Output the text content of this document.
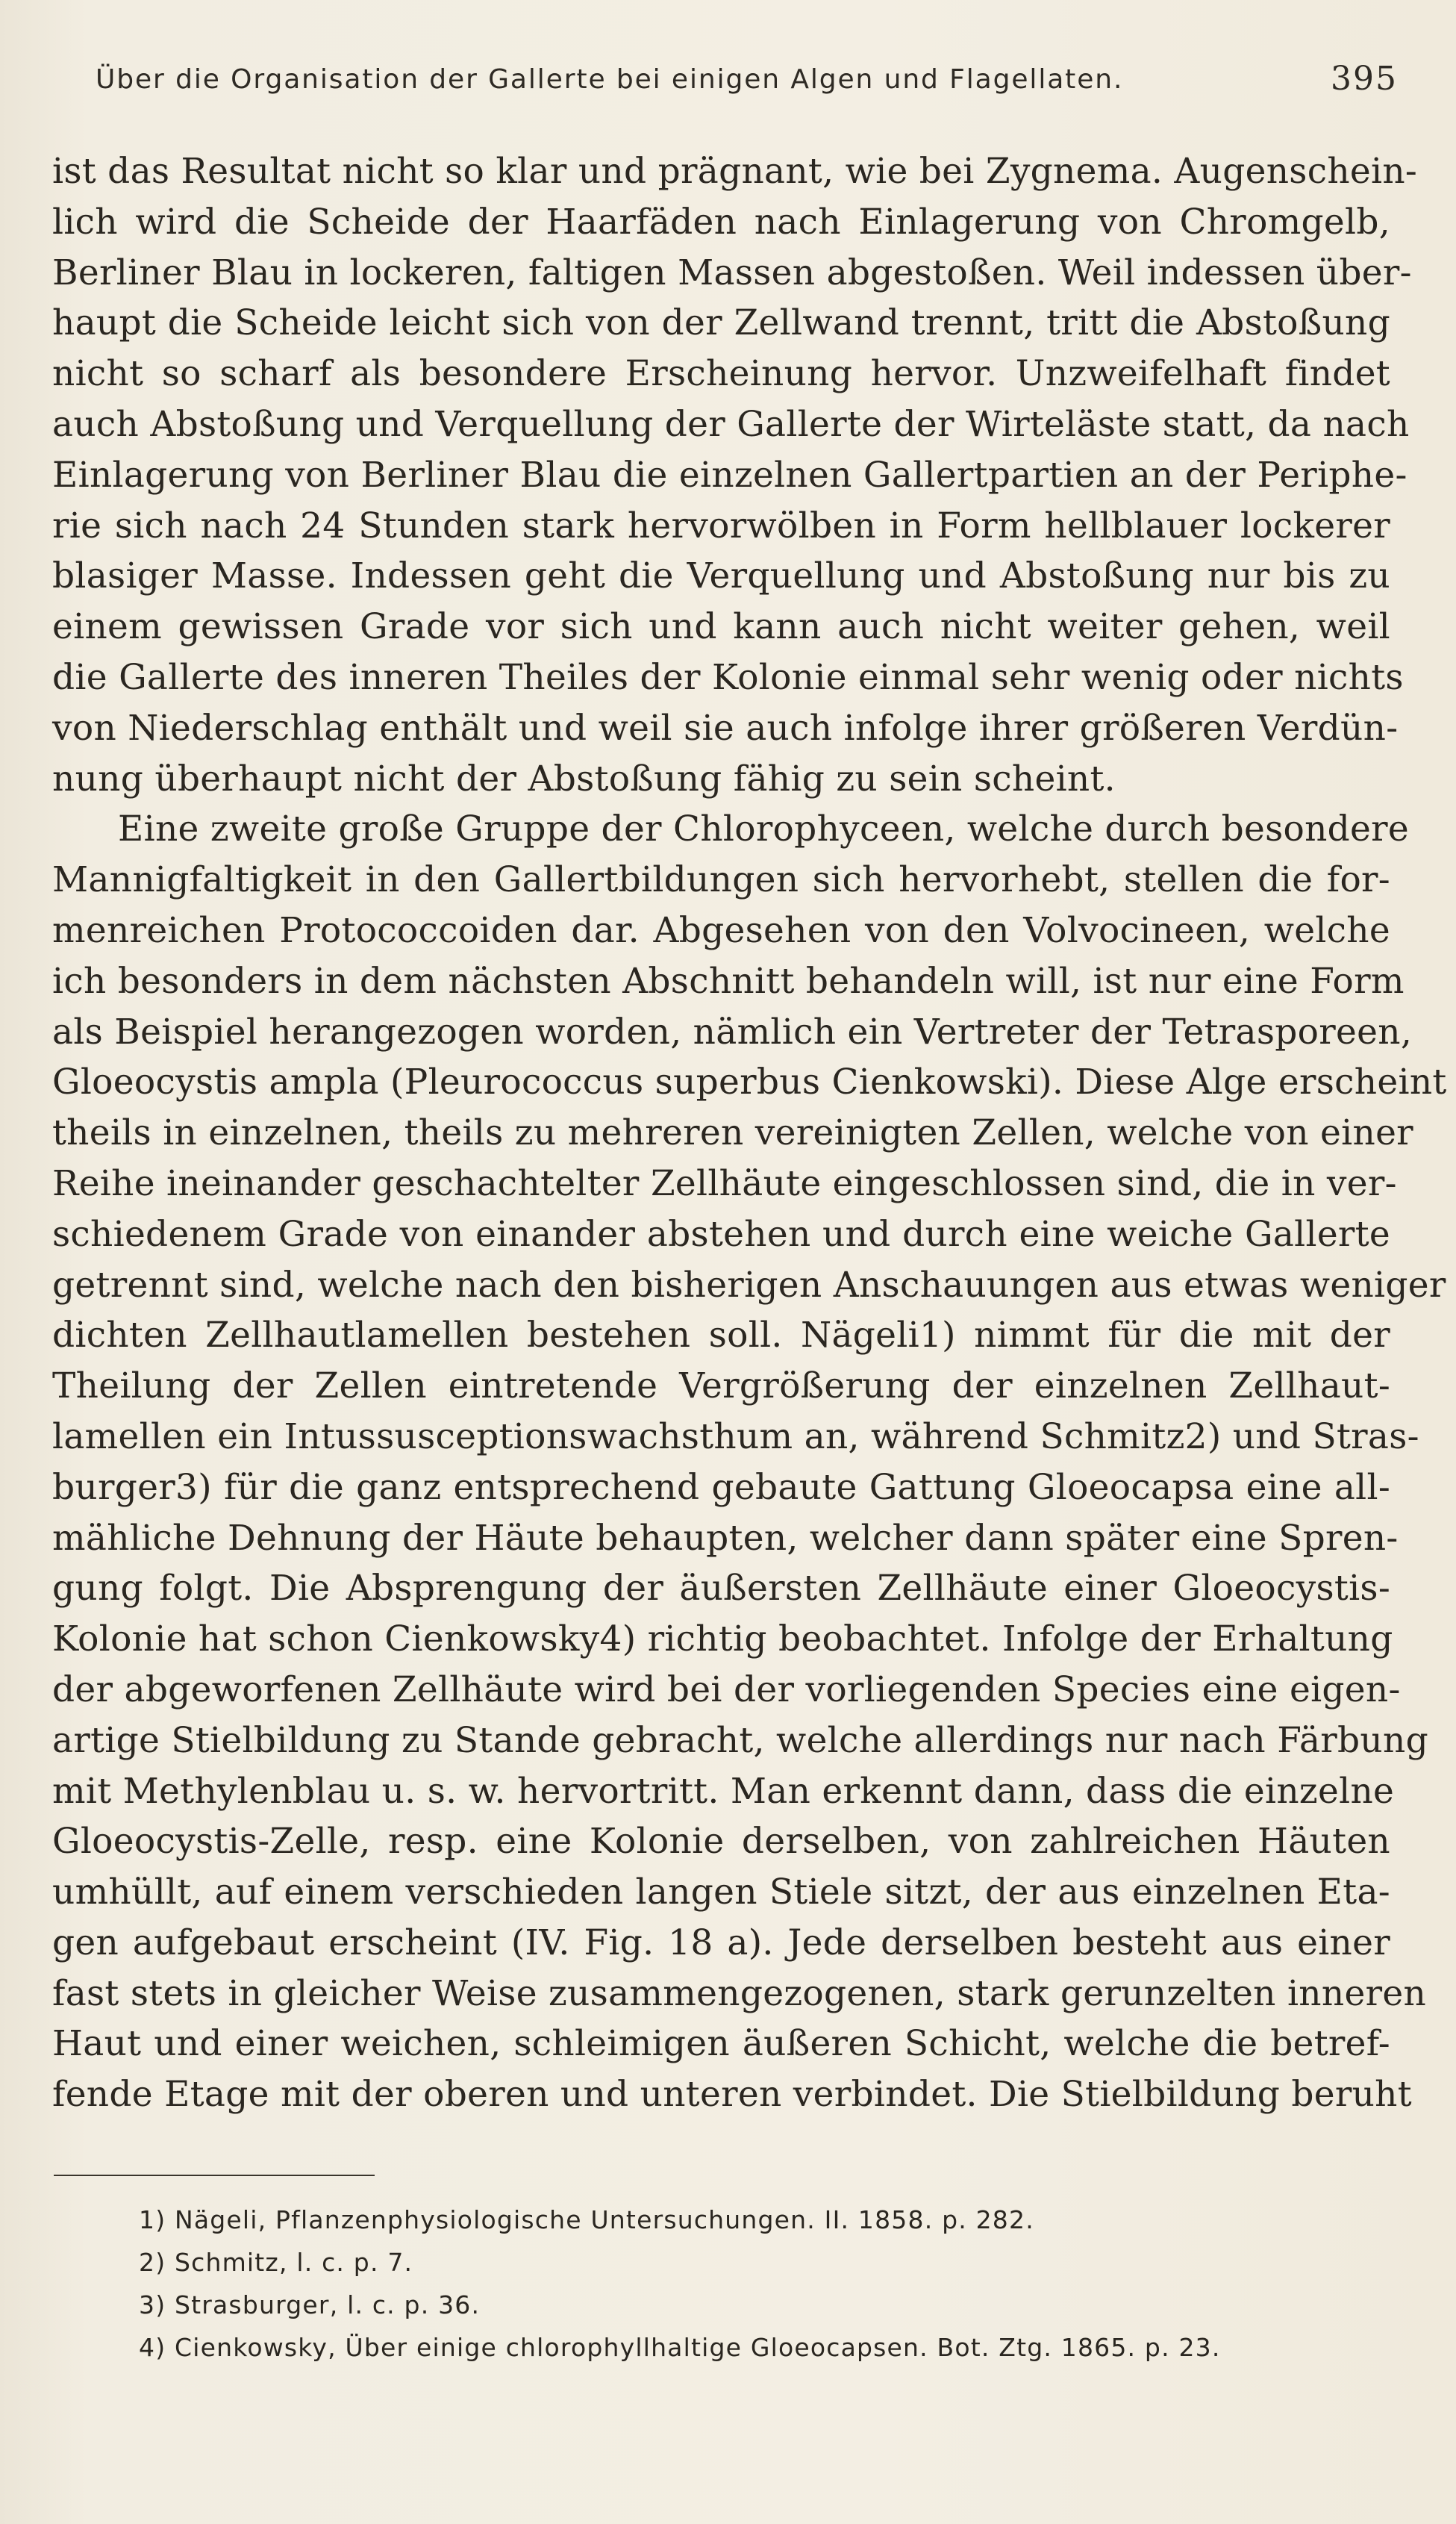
Über die Organisation der Gallerte bei einigen Algen und Flagellaten.	395
ist das Resultat nicht so klar und prägnant, wie bei Zygnema. Augenschein-
lich wird die Scheide der Haarfäden nach Einlagerung von Chromgelb,
Berliner Blau in lockeren, faltigen Massen abgestoßen. Weil indessen über-
haupt die Scheide leicht sich von der Zellwand trennt, tritt die Abstoßung
nicht so scharf als besondere Erscheinung hervor. Unzweifelhaft findet
auch Abstoßung und Verquellung der Gallerte der Wirteläste statt, da nach
Einlagerung von Berliner Blau die einzelnen Gallertpartien an der Periphe-
rie sich nach 24 Stunden stark hervorwölben in Form hellblauer lockerer
blasiger Masse. Indessen geht die Verquellung und Abstoßung nur bis zu
einem gewissen Grade vor sich und kann auch nicht weiter gehen, weil
die Gallerte des inneren Theiles der Kolonie einmal sehr wenig oder nichts
von Niederschlag enthält und weil sie auch infolge ihrer größeren Verdün-
nung überhaupt nicht der Abstoßung fähig zu sein scheint.
Eine zweite große Gruppe der Chlorophyceen, welche durch besondere
Mannigfaltigkeit in den Gallertbildungen sich hervorhebt, stellen die for-
menreichen Protococcoiden dar. Abgesehen von den Volvocineen, welche
ich besonders in dem nächsten Abschnitt behandeln will, ist nur eine Form
als Beispiel herangezogen worden, nämlich ein Vertreter der Tetrasporeen,
Gloeocystis ampla (Pleurococcus superbus Cienkowski). Diese Alge erscheint
theils in einzelnen, theils zu mehreren vereinigten Zellen, welche von einer
Reihe ineinander geschachtelter Zellhäute eingeschlossen sind, die in ver-
schiedenem Grade von einander abstehen und durch eine weiche Gallerte
getrennt sind, welche nach den bisherigen Anschauungen aus etwas weniger
dichten Zellhautlamellen bestehen soll. Nägeli1) nimmt für die mit der
Theilung der Zellen eintretende Vergrößerung der einzelnen Zellhaut-
lamellen ein Intussusceptionswachsthum an, während Schmitz2) und Stras-
burger3) für die ganz entsprechend gebaute Gattung Gloeocapsa eine all-
mähliche Dehnung der Häute behaupten, welcher dann später eine Spren-
gung folgt. Die Absprengung der äußersten Zellhäute einer Gloeocystis-
Kolonie hat schon Cienkowsky4) richtig beobachtet. Infolge der Erhaltung
der abgeworfenen Zellhäute wird bei der vorliegenden Species eine eigen-
artige Stielbildung zu Stande gebracht, welche allerdings nur nach Färbung
mit Methylenblau u. s. w. hervortritt. Man erkennt dann, dass die einzelne
Gloeocystis-Zelle, resp. eine Kolonie derselben, von zahlreichen Häuten
umhüllt, auf einem verschieden langen Stiele sitzt, der aus einzelnen Eta-
gen aufgebaut erscheint (IV. Fig. 18 a). Jede derselben besteht aus einer
fast stets in gleicher Weise zusammengezogenen, stark gerunzelten inneren
Haut und einer weichen, schleimigen äußeren Schicht, welche die betref-
fende Etage mit der oberen und unteren verbindet. Die Stielbildung beruht
1) Nägeli, Pflanzenphysiologische Untersuchungen. II. 1858. p. 282.
2) Schmitz, l. c. p. 7.
3) Strasburger, l. c. p. 36.
4) Cienkowsky, Über einige chlorophyllhaltige Gloeocapsen. Bot. Ztg. 1865. p. 23.
